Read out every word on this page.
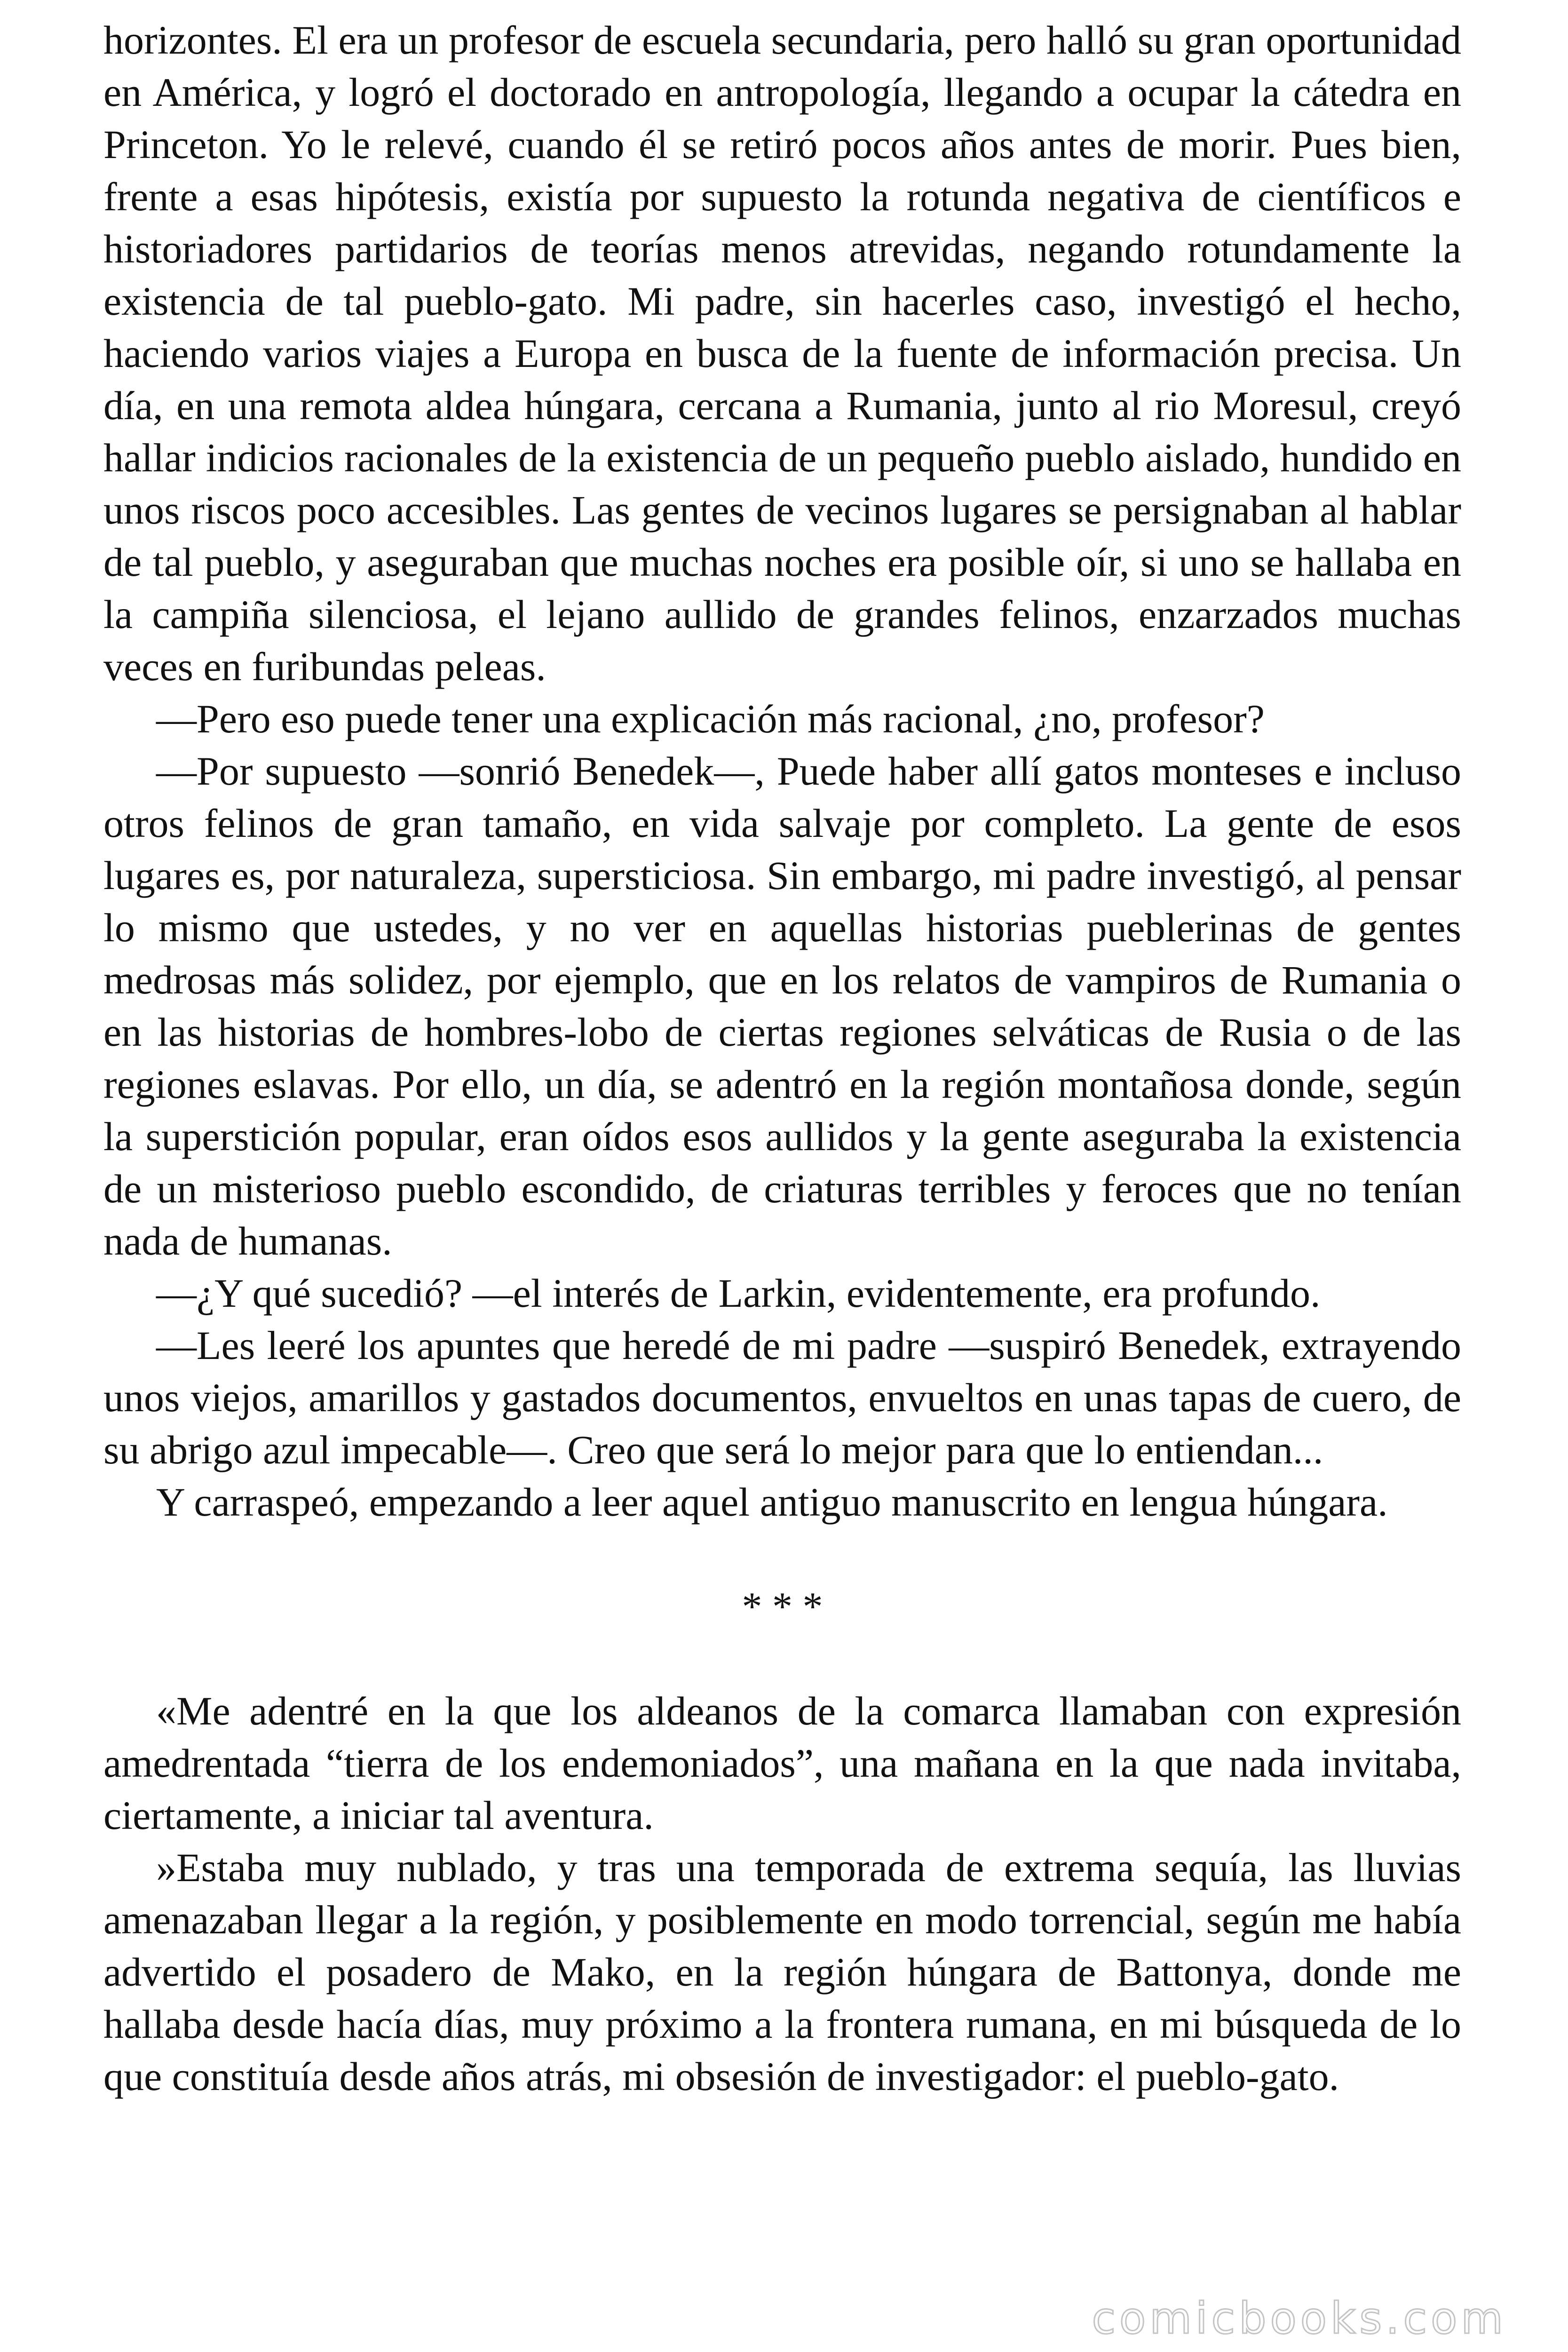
horizontes. El era un profesor de escuela secundaria, pero halló su gran oportunidad en América, y logró el doctorado en antropología, llegando a ocupar la cátedra en Princeton. Yo le relevé, cuando él se retiró pocos años antes de morir. Pues bien, frente a esas hipótesis, existía por supuesto la rotunda negativa de científicos e historiadores partidarios de teorías menos atrevidas, negando rotundamente la existencia de tal pueblo-gato. Mi padre, sin hacerles caso, investigó el hecho, haciendo varios viajes a Europa en busca de la fuente de información precisa. Un día, en una remota aldea húngara, cercana a Rumania, junto al rio Moresul, creyó hallar indicios racionales de la existencia de un pequeño pueblo aislado, hundido en unos riscos poco accesibles. Las gentes de vecinos lugares se persignaban al hablar de tal pueblo, y aseguraban que muchas noches era posible oír, si uno se hallaba en la campiña silenciosa, el lejano aullido de grandes felinos, enzarzados muchas veces en furibundas peleas.

—Pero eso puede tener una explicación más racional, ¿no, profesor?

—Por supuesto —sonrió Benedek—, Puede haber allí gatos monteses e incluso otros felinos de gran tamaño, en vida salvaje por completo. La gente de esos lugares es, por naturaleza, supersticiosa. Sin embargo, mi padre investigó, al pensar lo mismo que ustedes, y no ver en aquellas historias pueblerinas de gentes medrosas más solidez, por ejemplo, que en los relatos de vampiros de Rumania o en las historias de hombres-lobo de ciertas regiones selváticas de Rusia o de las regiones eslavas. Por ello, un día, se adentró en la región montañosa donde, según la superstición popular, eran oídos esos aullidos y la gente aseguraba la existencia de un misterioso pueblo escondido, de criaturas terribles y feroces que no tenían nada de humanas.

—¿Y qué sucedió? —el interés de Larkin, evidentemente, era profundo.

—Les leeré los apuntes que heredé de mi padre —suspiró Benedek, extrayendo unos viejos, amarillos y gastados documentos, envueltos en unas tapas de cuero, de su abrigo azul impecable—. Creo que será lo mejor para que lo entiendan...

Y carraspeó, empezando a leer aquel antiguo manuscrito en lengua húngara.

* * *

«Me adentré en la que los aldeanos de la comarca llamaban con expresión amedrentada “tierra de los endemoniados”, una mañana en la que nada invitaba, ciertamente, a iniciar tal aventura.

»Estaba muy nublado, y tras una temporada de extrema sequía, las lluvias amenazaban llegar a la región, y posiblemente en modo torrencial, según me había advertido el posadero de Mako, en la región húngara de Battonya, donde me hallaba desde hacía días, muy próximo a la frontera rumana, en mi búsqueda de lo que constituía desde años atrás, mi obsesión de investigador: el pueblo-gato.

comicbooks.com
